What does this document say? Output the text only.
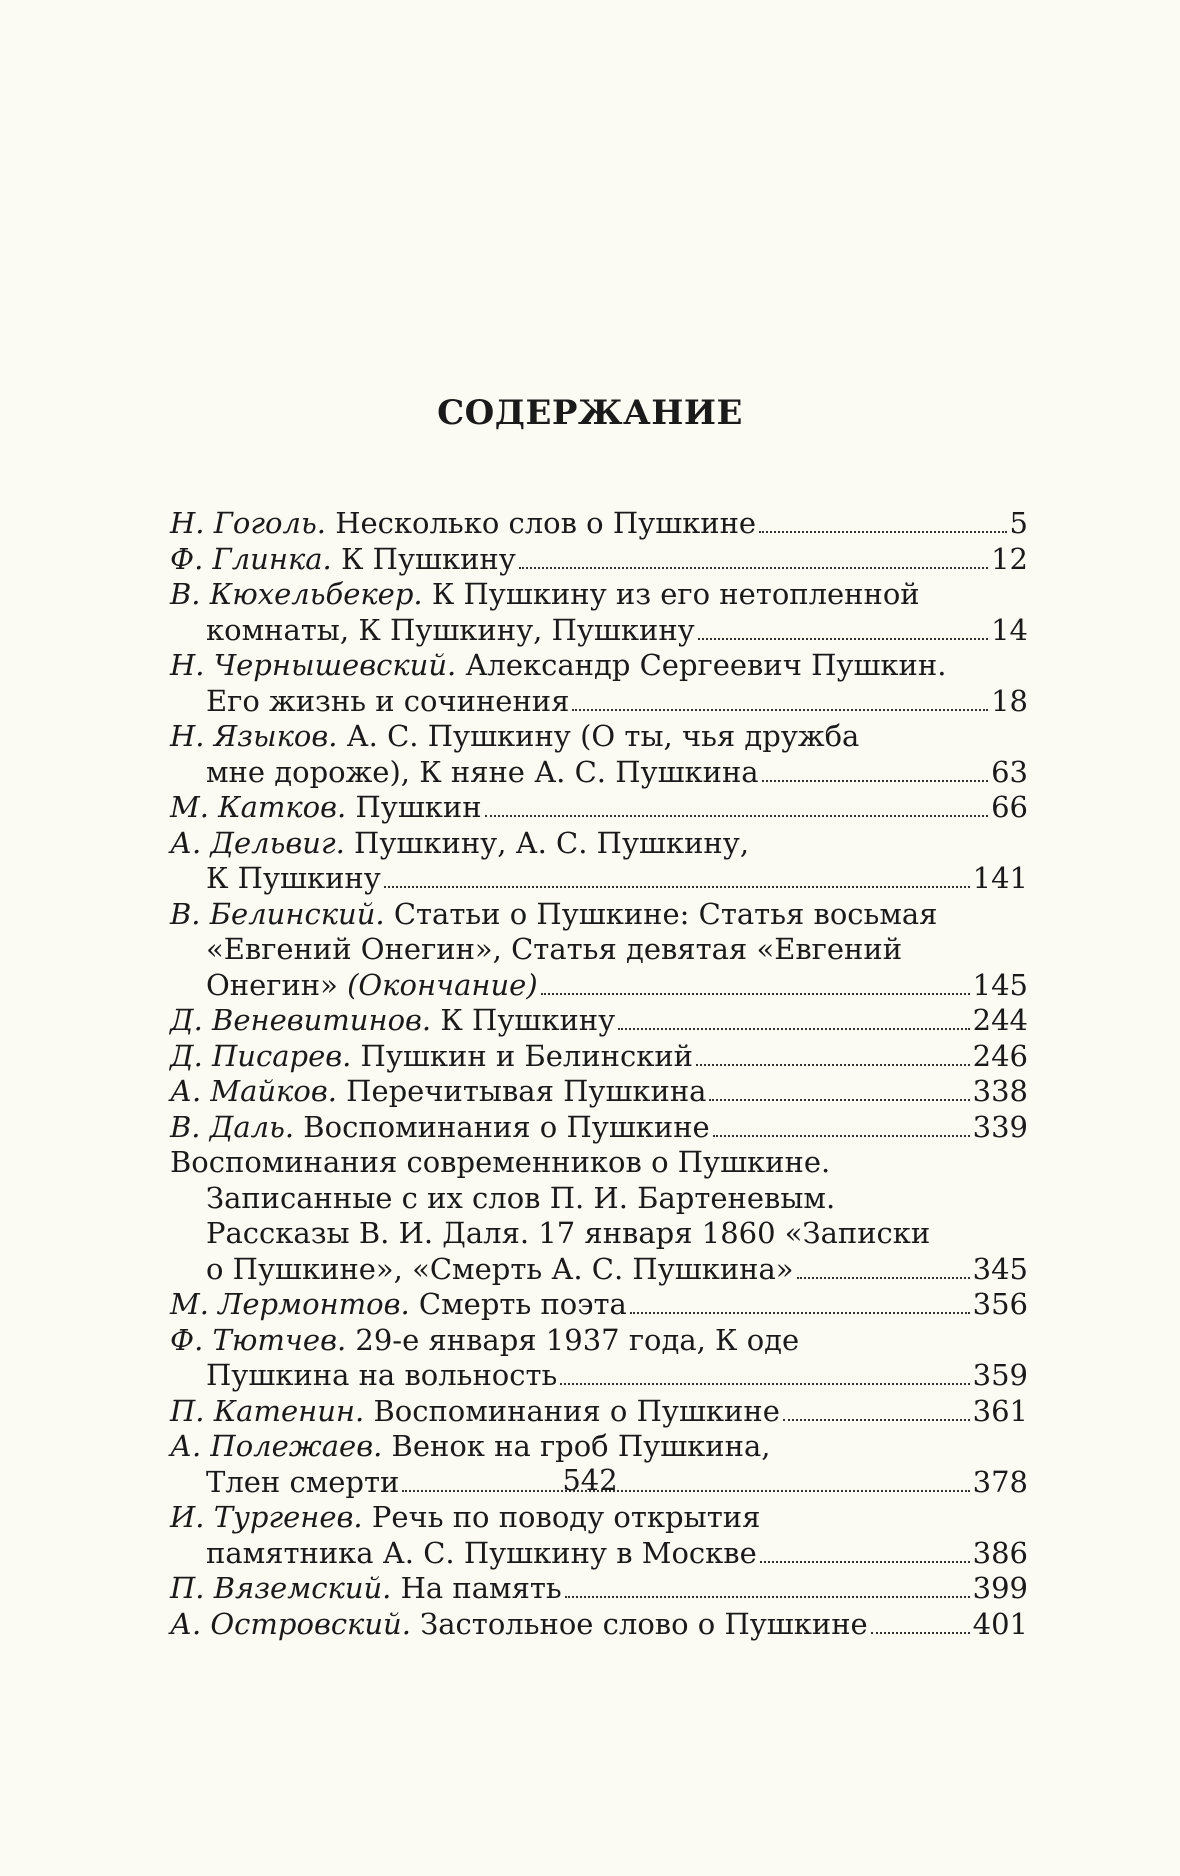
СОДЕРЖАНИЕ
Н. Гоголь. Несколько слов о Пушкине	5
Ф. Глинка. К Пушкину	12
В. Кюхельбекер. К Пушкину из его нетопленной
комнаты, К Пушкину, Пушкину	14
Н. Чернышевский. Александр Сергеевич Пушкин.
Его жизнь и сочинения	18
Н. Языков. А. С. Пушкину (О ты, чья дружба
мне дороже), К няне А. С. Пушкина	63
М. Катков. Пушкин	66
А. Дельвиг. Пушкину, А. С. Пушкину,
К Пушкину	141
В. Белинский. Статьи о Пушкине: Статья восьмая
«Евгений Онегин», Статья девятая «Евгений
Онегин» (Окончание)	145
Д. Веневитинов. К Пушкину	244
Д. Писарев. Пушкин и Белинский	246
А. Майков. Перечитывая Пушкина	338
В. Даль. Воспоминания о Пушкине	339
Воспоминания современников о Пушкине.
Записанные с их слов П. И. Бартеневым.
Рассказы В. И. Даля. 17 января 1860 «Записки
о Пушкине», «Смерть А. С. Пушкина»	345
М. Лермонтов. Смерть поэта	356
Ф. Тютчев. 29-е января 1937 года, К оде
Пушкина на вольность	359
П. Катенин. Воспоминания о Пушкине	361
А. Полежаев. Венок на гроб Пушкина,
Тлен смерти	378
И. Тургенев. Речь по поводу открытия
памятника А. С. Пушкину в Москве	386
П. Вяземский. На память	399
А. Островский. Застольное слово о Пушкине	401
542
